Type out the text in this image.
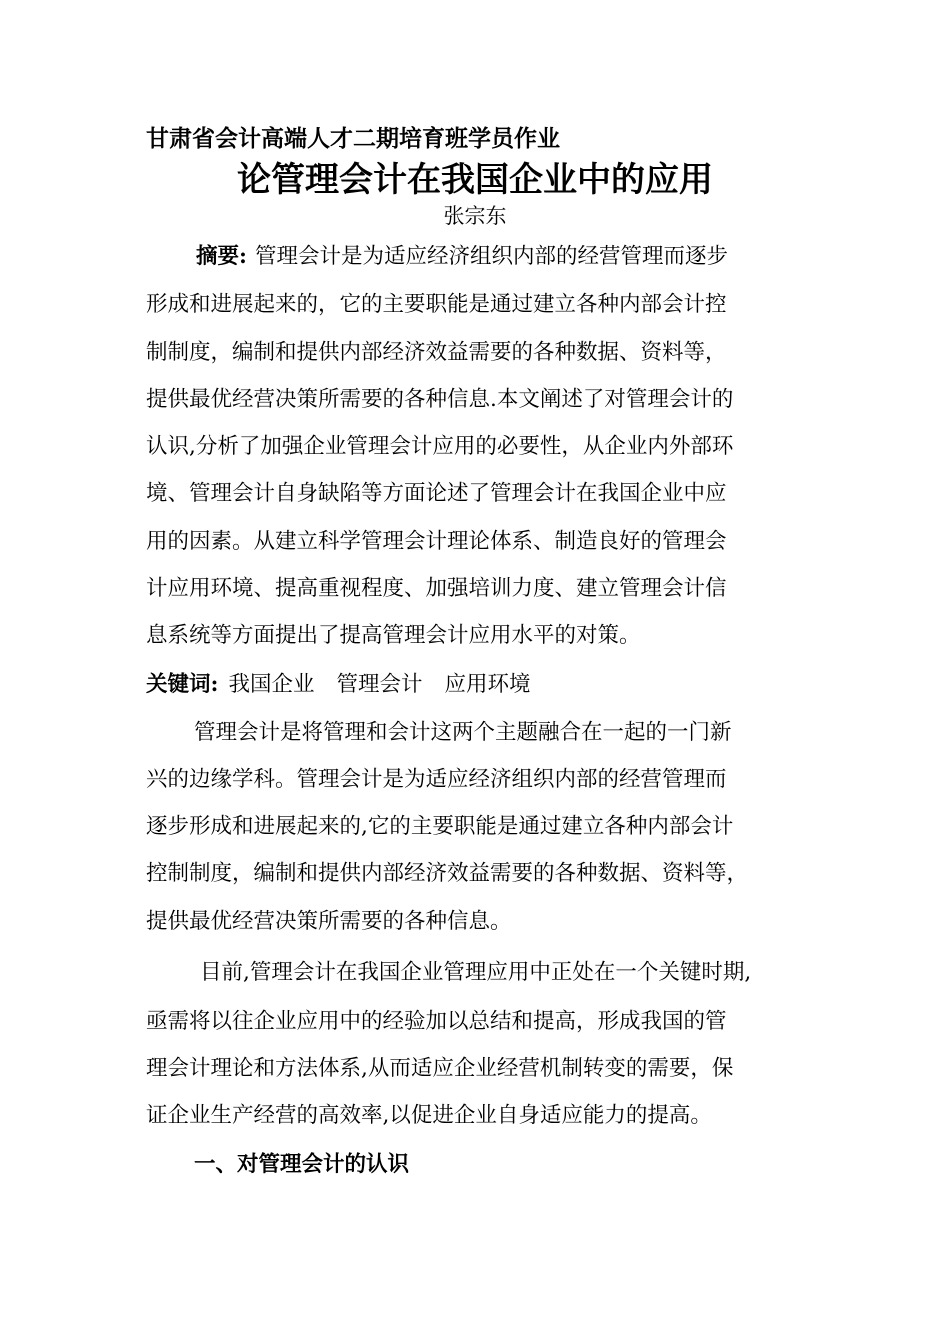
甘肃省会计高端人才二期培育班学员作业
论管理会计在我国企业中的应用
张宗东
摘要: 管理会计是为适应经济组织内部的经营管理而逐步
形成和进展起来的，它的主要职能是通过建立各种内部会计控
制制度，编制和提供内部经济效益需要的各种数据、资料等，
提供最优经营决策所需要的各种信息.本文阐述了对管理会计的
认识,分析了加强企业管理会计应用的必要性，从企业内外部环
境、管理会计自身缺陷等方面论述了管理会计在我国企业中应
用的因素。从建立科学管理会计理论体系、制造良好的管理会
计应用环境、提高重视程度、加强培训力度、建立管理会计信
息系统等方面提出了提高管理会计应用水平的对策。
关键词: 我国企业 管理会计 应用环境
管理会计是将管理和会计这两个主题融合在一起的一门新
兴的边缘学科。管理会计是为适应经济组织内部的经营管理而
逐步形成和进展起来的,它的主要职能是通过建立各种内部会计
控制制度，编制和提供内部经济效益需要的各种数据、资料等，
提供最优经营决策所需要的各种信息。
目前,管理会计在我国企业管理应用中正处在一个关键时期,
亟需将以往企业应用中的经验加以总结和提高，形成我国的管
理会计理论和方法体系,从而适应企业经营机制转变的需要，保
证企业生产经营的高效率,以促进企业自身适应能力的提高。
一、对管理会计的认识
